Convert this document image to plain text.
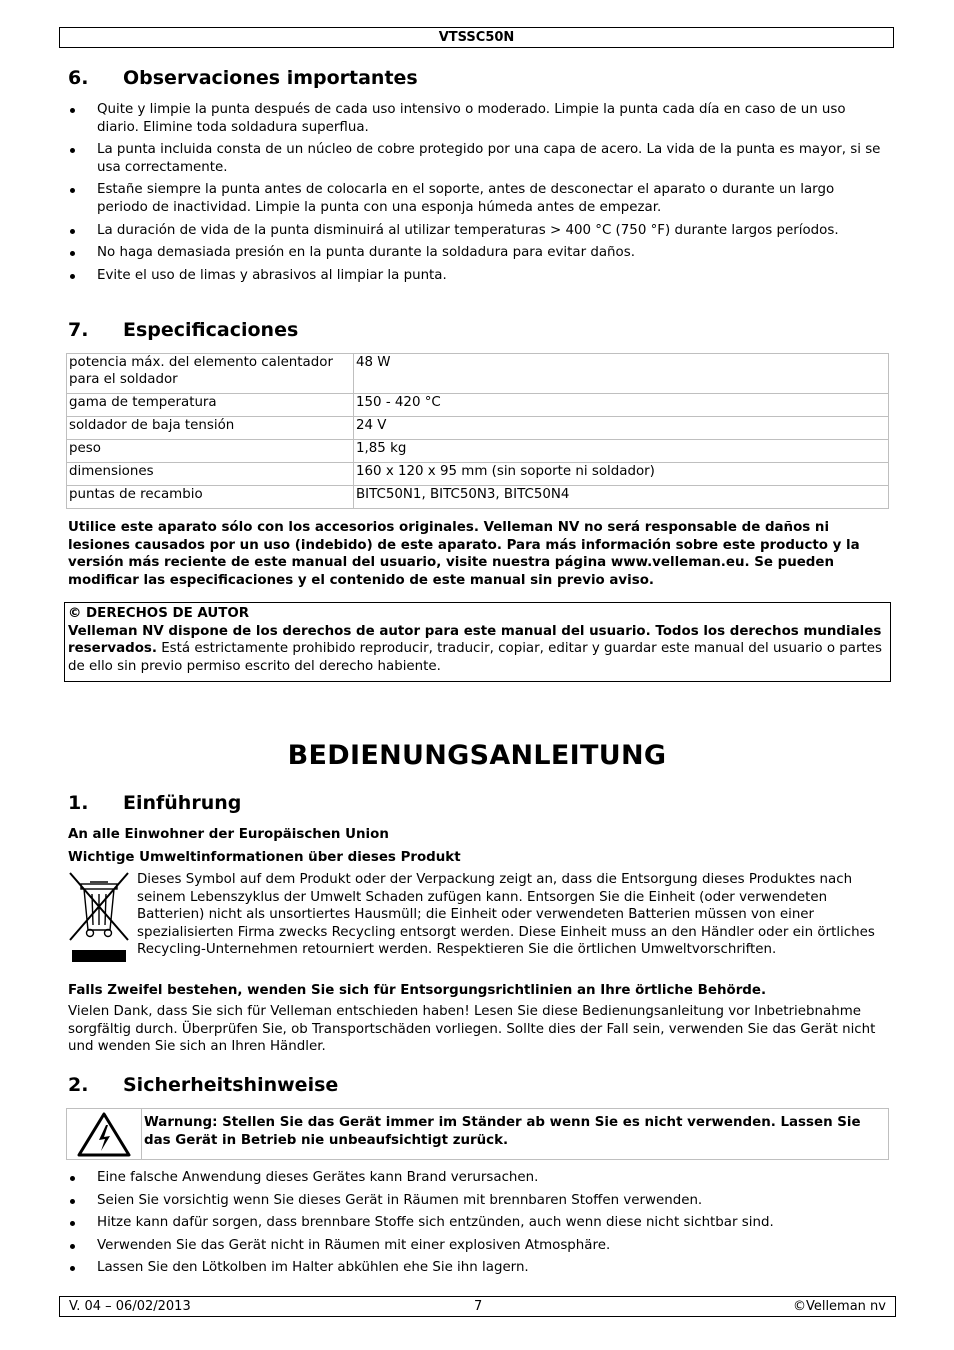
VTSSC50N
6. Observaciones importantes
Quite y limpie la punta después de cada uso intensivo o moderado. Limpie la punta cada día en caso de un uso diario. Elimine toda soldadura superflua.
La punta incluida consta de un núcleo de cobre protegido por una capa de acero. La vida de la punta es mayor, si se usa correctamente.
Estañe siempre la punta antes de colocarla en el soporte, antes de desconectar el aparato o durante un largo periodo de inactividad. Limpie la punta con una esponja húmeda antes de empezar.
La duración de vida de la punta disminuirá al utilizar temperaturas > 400 °C (750 °F) durante largos períodos.
No haga demasiada presión en la punta durante la soldadura para evitar daños.
Evite el uso de limas y abrasivos al limpiar la punta.
7. Especificaciones
potencia máx. del elemento calentador para el soldador	48 W
gama de temperatura	150 - 420 °C
soldador de baja tensión	24 V
peso	1,85 kg
dimensiones	160 x 120 x 95 mm (sin soporte ni soldador)
puntas de recambio	BITC50N1, BITC50N3, BITC50N4
Utilice este aparato sólo con los accesorios originales. Velleman NV no será responsable de daños ni lesiones causados por un uso (indebido) de este aparato. Para más información sobre este producto y la versión más reciente de este manual del usuario, visite nuestra página www.velleman.eu. Se pueden modificar las especificaciones y el contenido de este manual sin previo aviso.
© DERECHOS DE AUTOR
Velleman NV dispone de los derechos de autor para este manual del usuario. Todos los derechos mundiales reservados. Está estrictamente prohibido reproducir, traducir, copiar, editar y guardar este manual del usuario o partes de ello sin previo permiso escrito del derecho habiente.
BEDIENUNGSANLEITUNG
1. Einführung
An alle Einwohner der Europäischen Union
Wichtige Umweltinformationen über dieses Produkt
Dieses Symbol auf dem Produkt oder der Verpackung zeigt an, dass die Entsorgung dieses Produktes nach seinem Lebenszyklus der Umwelt Schaden zufügen kann. Entsorgen Sie die Einheit (oder verwendeten Batterien) nicht als unsortiertes Hausmüll; die Einheit oder verwendeten Batterien müssen von einer spezialisierten Firma zwecks Recycling entsorgt werden. Diese Einheit muss an den Händler oder ein örtliches Recycling-Unternehmen retourniert werden. Respektieren Sie die örtlichen Umweltvorschriften.
Falls Zweifel bestehen, wenden Sie sich für Entsorgungsrichtlinien an Ihre örtliche Behörde.
Vielen Dank, dass Sie sich für Velleman entschieden haben! Lesen Sie diese Bedienungsanleitung vor Inbetriebnahme sorgfältig durch. Überprüfen Sie, ob Transportschäden vorliegen. Sollte dies der Fall sein, verwenden Sie das Gerät nicht und wenden Sie sich an Ihren Händler.
2. Sicherheitshinweise
Warnung: Stellen Sie das Gerät immer im Ständer ab wenn Sie es nicht verwenden. Lassen Sie das Gerät in Betrieb nie unbeaufsichtigt zurück.
Eine falsche Anwendung dieses Gerätes kann Brand verursachen.
Seien Sie vorsichtig wenn Sie dieses Gerät in Räumen mit brennbaren Stoffen verwenden.
Hitze kann dafür sorgen, dass brennbare Stoffe sich entzünden, auch wenn diese nicht sichtbar sind.
Verwenden Sie das Gerät nicht in Räumen mit einer explosiven Atmosphäre.
Lassen Sie den Lötkolben im Halter abkühlen ehe Sie ihn lagern.
V. 04 – 06/02/2013	7	©Velleman nv
